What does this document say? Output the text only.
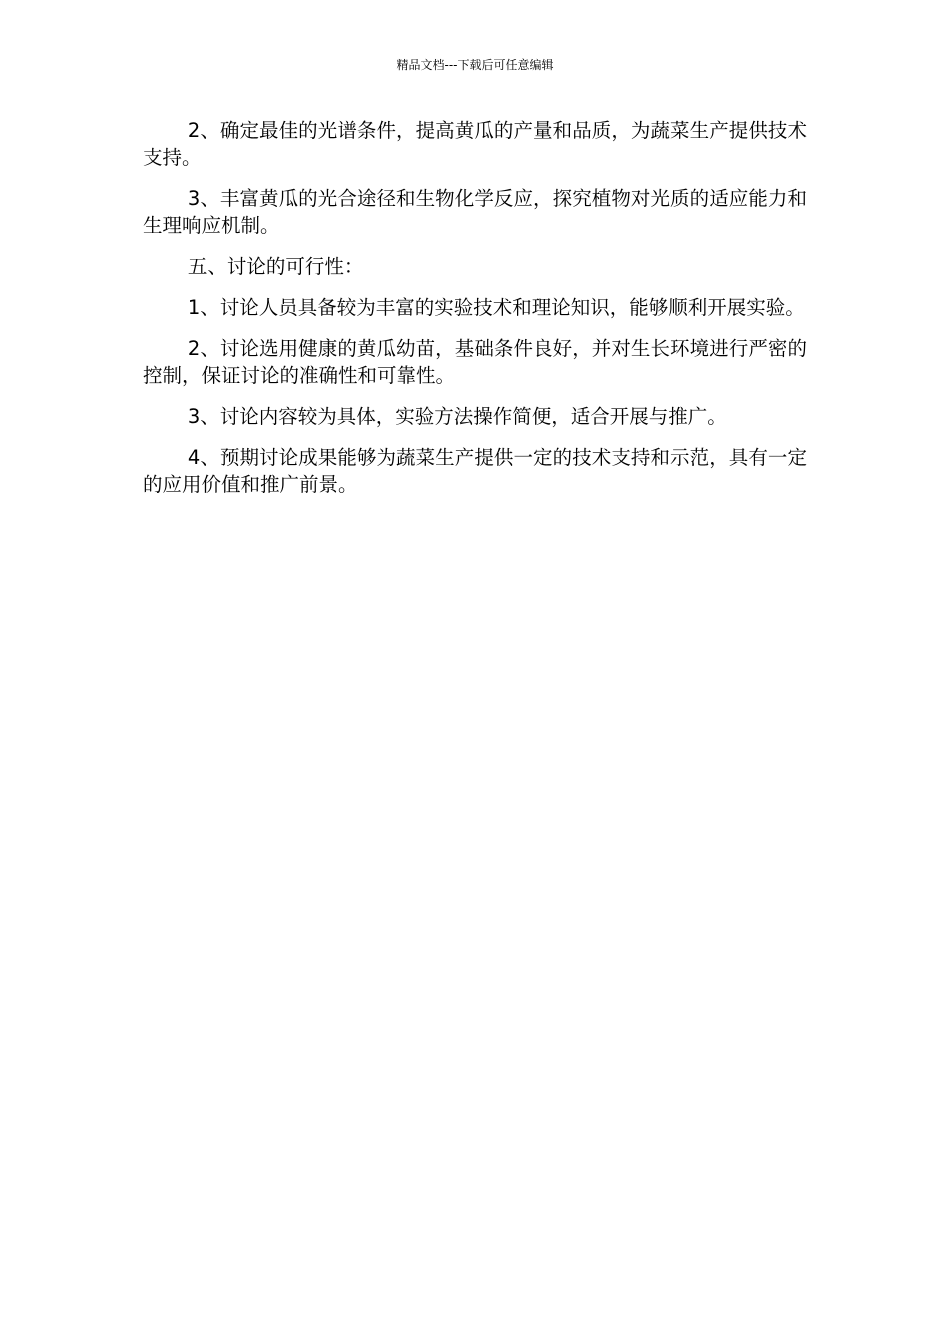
精品文档---下载后可任意编辑

2、确定最佳的光谱条件，提高黄瓜的产量和品质，为蔬菜生产提供技术支持。

3、丰富黄瓜的光合途径和生物化学反应，探究植物对光质的适应能力和生理响应机制。

五、讨论的可行性：

1、讨论人员具备较为丰富的实验技术和理论知识，能够顺利开展实验。

2、讨论选用健康的黄瓜幼苗，基础条件良好，并对生长环境进行严密的控制，保证讨论的准确性和可靠性。

3、讨论内容较为具体，实验方法操作简便，适合开展与推广。

4、预期讨论成果能够为蔬菜生产提供一定的技术支持和示范，具有一定的应用价值和推广前景。
